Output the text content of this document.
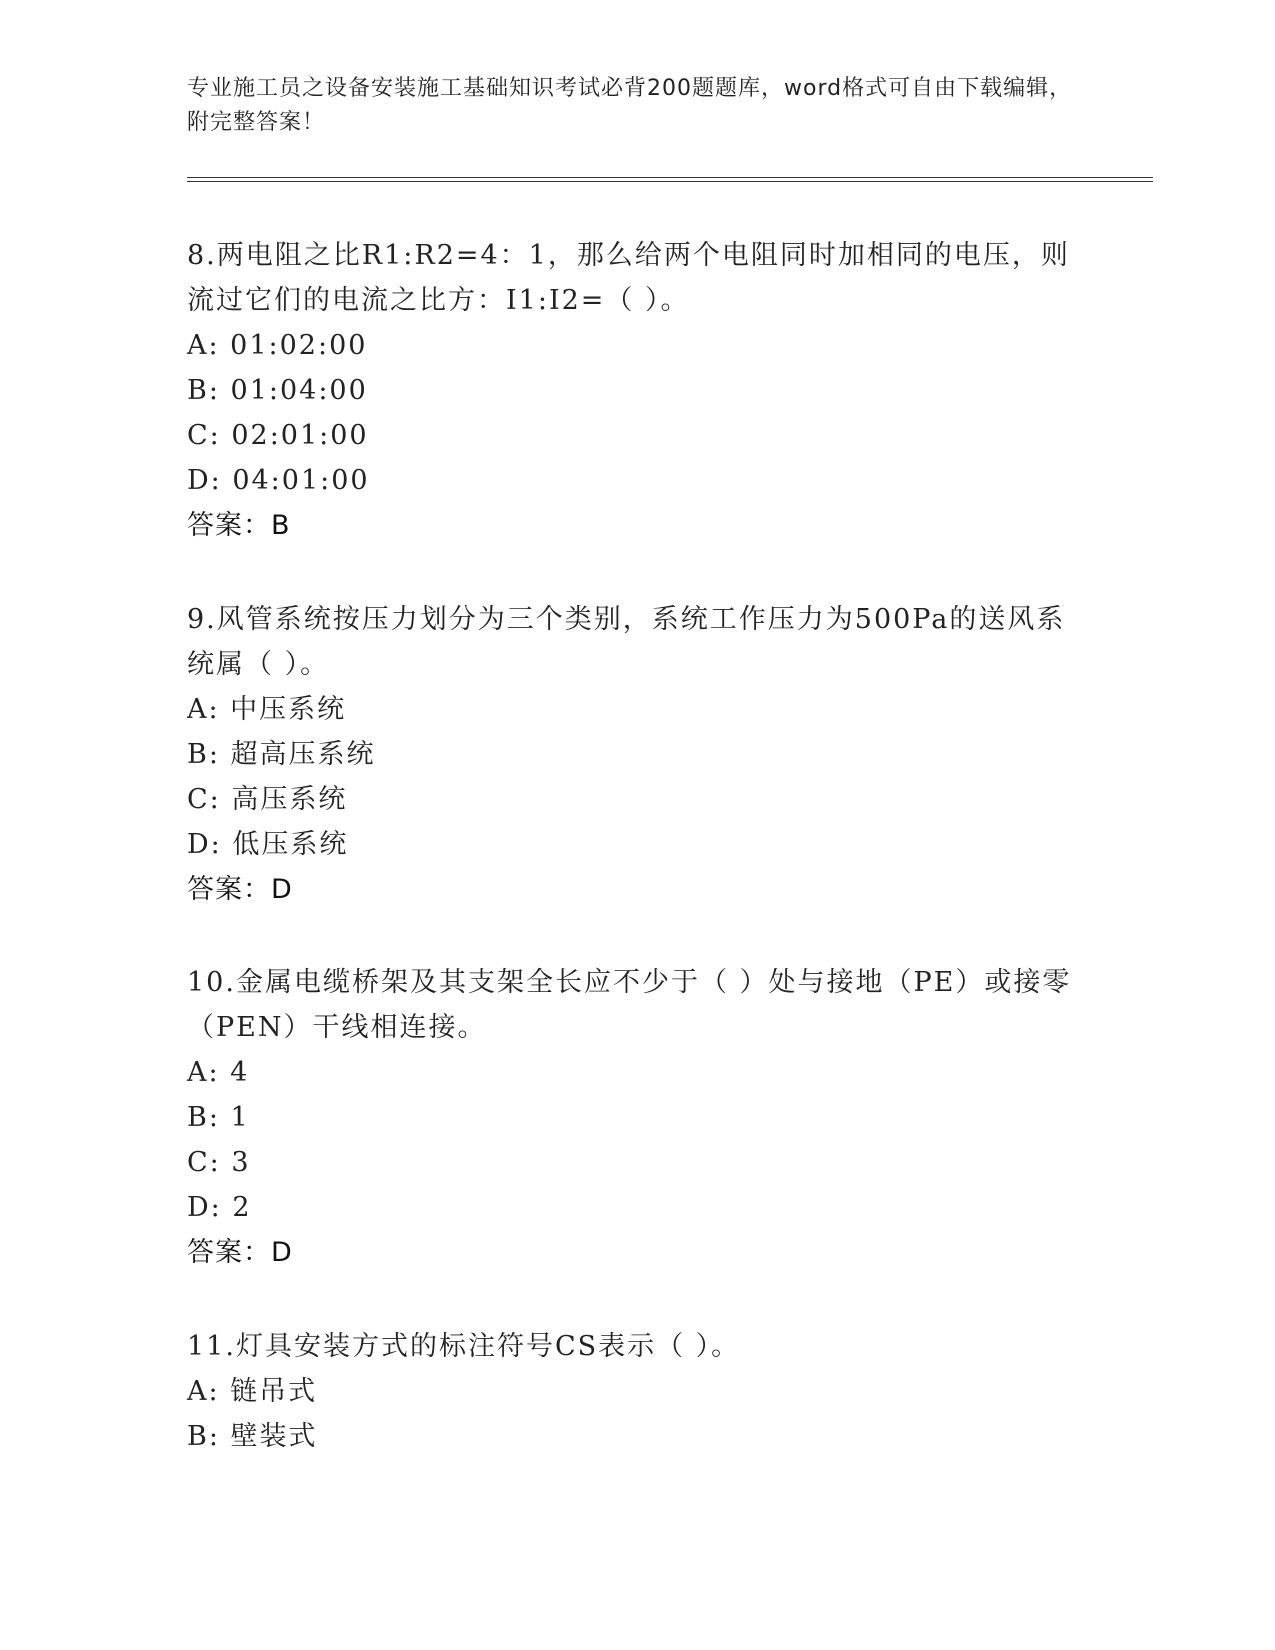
专业施工员之设备安装施工基础知识考试必背200题题库，word格式可自由下载编辑，附完整答案！

8.两电阻之比R1:R2=4：1，那么给两个电阻同时加相同的电压，则流过它们的电流之比方：I1:I2=（ ）。

A: 01:02:00

B: 01:04:00

C: 02:01:00

D: 04:01:00

答案：B

9.风管系统按压力划分为三个类别，系统工作压力为500Pa的送风系统属（ ）。

A: 中压系统

B: 超高压系统

C: 高压系统

D: 低压系统

答案：D

10.金属电缆桥架及其支架全长应不少于（ ）处与接地（PE）或接零（PEN）干线相连接。

A: 4

B: 1

C: 3

D: 2

答案：D

11.灯具安装方式的标注符号CS表示（ ）。

A: 链吊式

B: 壁装式
